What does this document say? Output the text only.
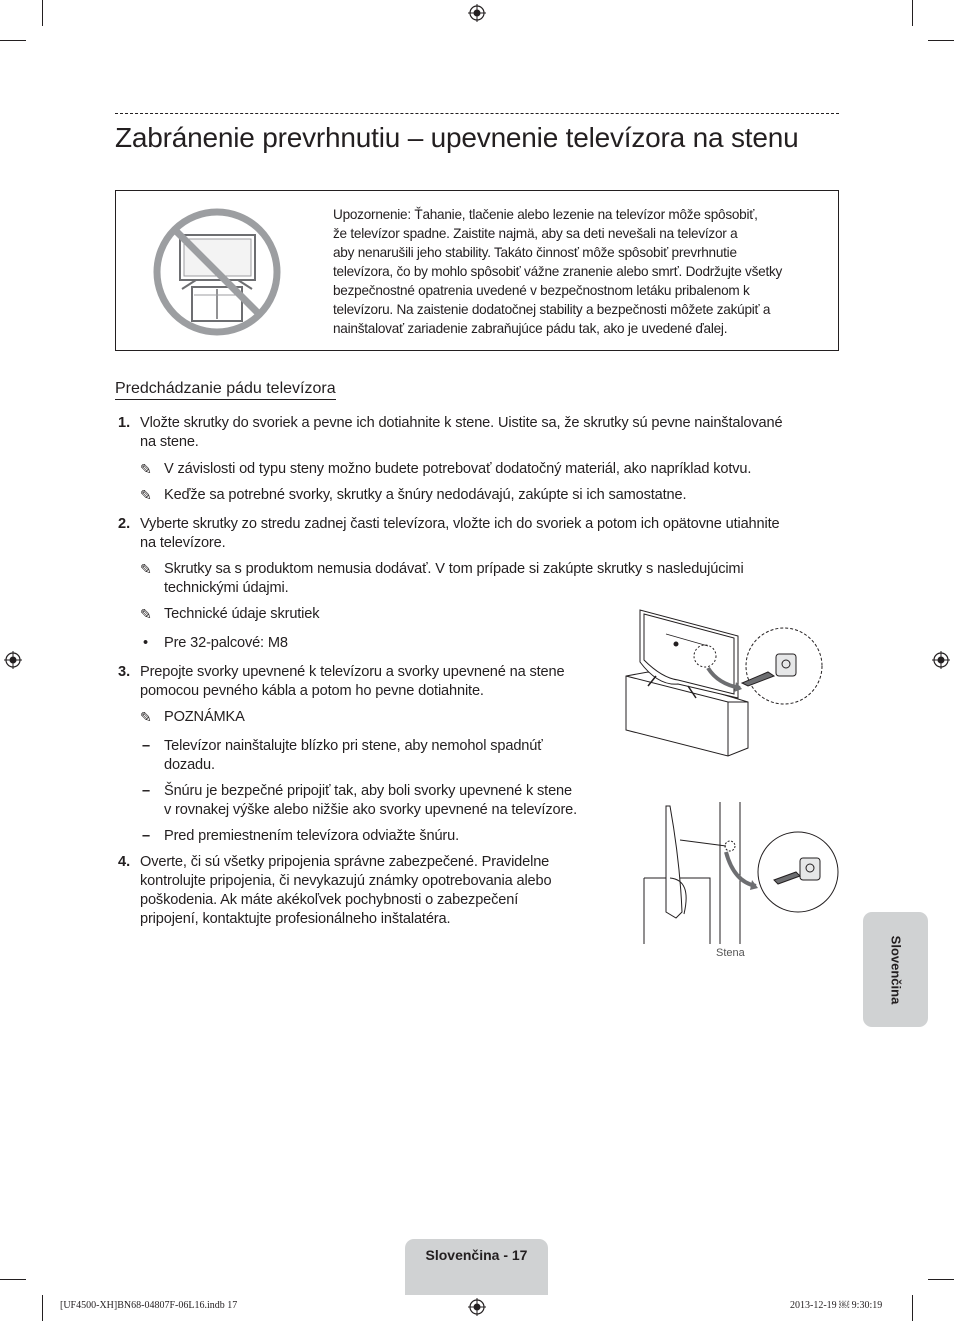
Zabránenie prevrhnutiu – upevnenie televízora na stenu
Upozornenie: Ťahanie, tlačenie alebo lezenie na televízor môže spôsobiť,
že televízor spadne. Zaistite najmä, aby sa deti nevešali na televízor a
aby nenarušili jeho stability. Takáto činnosť môže spôsobiť prevrhnutie
televízora, čo by mohlo spôsobiť vážne zranenie alebo smrť. Dodržujte všetky
bezpečnostné opatrenia uvedené v bezpečnostnom letáku pribalenom k
televízoru. Na zaistenie dodatočnej stability a bezpečnosti môžete zakúpiť a
nainštalovať zariadenie zabraňujúce pádu tak, ako je uvedené ďalej.
Predchádzanie pádu televízora
1. Vložte skrutky do svoriek a pevne ich dotiahnite k stene. Uistite sa, že skrutky sú pevne nainštalované
na stene.
✎ V závislosti od typu steny možno budete potrebovať dodatočný materiál, ako napríklad kotvu.
✎ Keďže sa potrebné svorky, skrutky a šnúry nedodávajú, zakúpte si ich samostatne.
2. Vyberte skrutky zo stredu zadnej časti televízora, vložte ich do svoriek a potom ich opätovne utiahnite
na televízore.
✎ Skrutky sa s produktom nemusia dodávať. V tom prípade si zakúpte skrutky s nasledujúcimi
technickými údajmi.
✎ Technické údaje skrutiek
• Pre 32-palcové: M8
3. Prepojte svorky upevnené k televízoru a svorky upevnené na stene
pomocou pevného kábla a potom ho pevne dotiahnite.
✎ POZNÁMKA
– Televízor nainštalujte blízko pri stene, aby nemohol spadnúť
dozadu.
– Šnúru je bezpečné pripojiť tak, aby boli svorky upevnené k stene
v rovnakej výške alebo nižšie ako svorky upevnené na televízore.
– Pred premiestnením televízora odviažte šnúru.
4. Overte, či sú všetky pripojenia správne zabezpečené. Pravidelne
kontrolujte pripojenia, či nevykazujú známky opotrebovania alebo
poškodenia. Ak máte akékoľvek pochybnosti o zabezpečení
pripojení, kontaktujte profesionálneho inštalatéra.
Stena	Slovenčina
Slovenčina - 17
[UF4500-XH]BN68-04807F-06L16.indb 17	2013-12-19 ￼ 9:30:19
